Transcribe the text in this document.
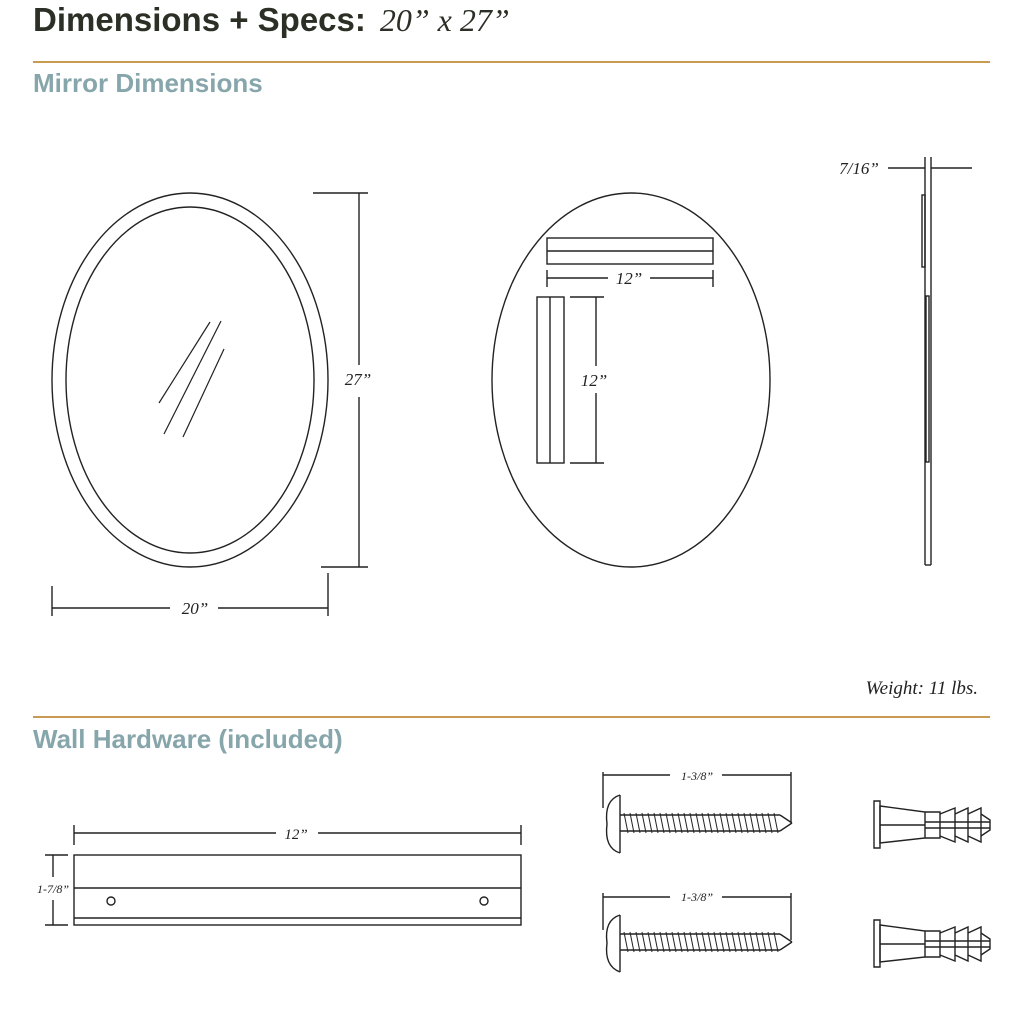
Dimensions + Specs: 20” x 27”
Mirror Dimensions
Weight: 11 lbs.
Wall Hardware (included)
27”
20”
12”
12”
7/16”
12”
1-7/8”
1-3/8”
1-3/8”
